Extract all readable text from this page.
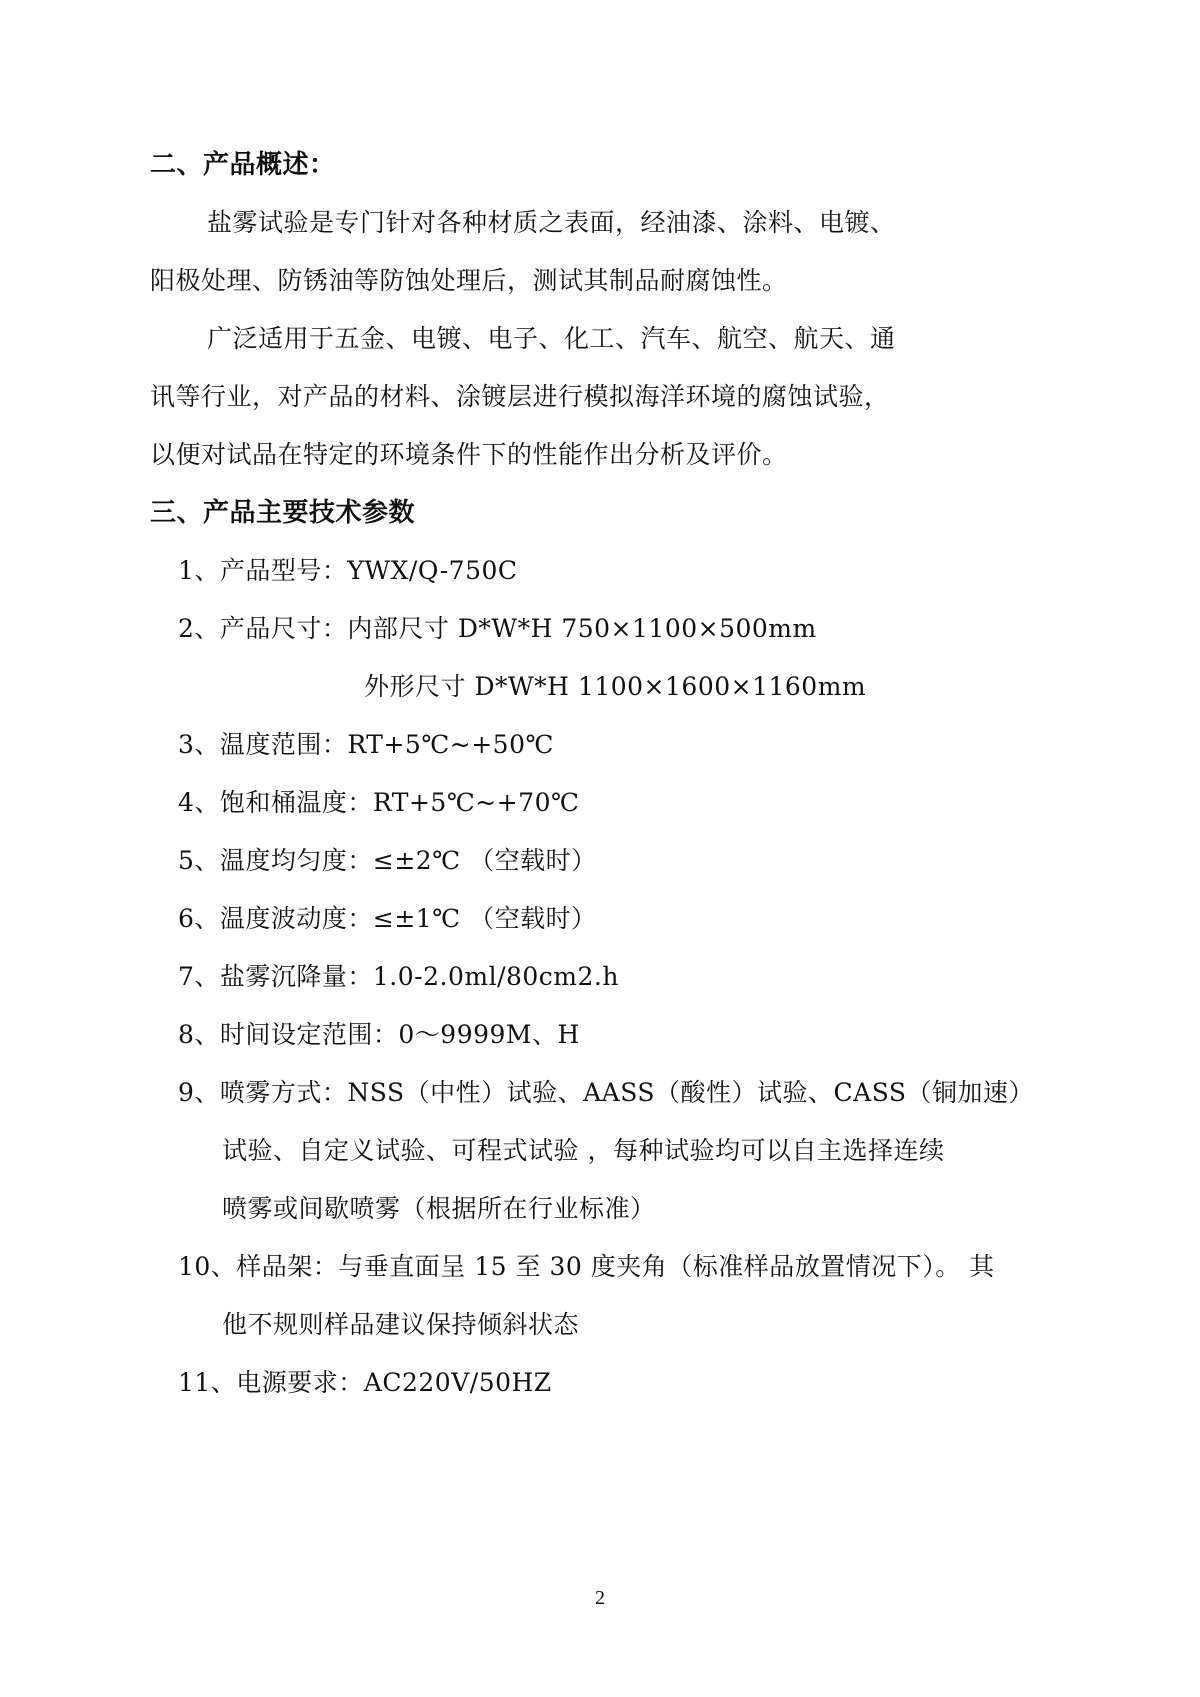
二、产品概述：
盐雾试验是专门针对各种材质之表面，经油漆、涂料、电镀、
阳极处理、防锈油等防蚀处理后，测试其制品耐腐蚀性。
广泛适用于五金、电镀、电子、化工、汽车、航空、航天、通
讯等行业，对产品的材料、涂镀层进行模拟海洋环境的腐蚀试验，
以便对试品在特定的环境条件下的性能作出分析及评价。
三、产品主要技术参数
1、产品型号：YWX/Q-750C
2、产品尺寸：内部尺寸 D*W*H 750×1100×500mm
外形尺寸 D*W*H 1100×1600×1160mm
3、温度范围：RT+5℃~+50℃
4、饱和桶温度：RT+5℃~+70℃
5、温度均匀度：≤±2℃ （空载时）
6、温度波动度：≤±1℃ （空载时）
7、盐雾沉降量：1.0-2.0ml/80cm2.h
8、时间设定范围：0～9999M、H
9、喷雾方式：NSS（中性）试验、AASS（酸性）试验、CASS（铜加速）
试验、自定义试验、可程式试验 ，每种试验均可以自主选择连续
喷雾或间歇喷雾（根据所在行业标准）
10、样品架：与垂直面呈 15 至 30 度夹角（标准样品放置情况下）。 其
他不规则样品建议保持倾斜状态
11、电源要求：AC220V/50HZ
2
